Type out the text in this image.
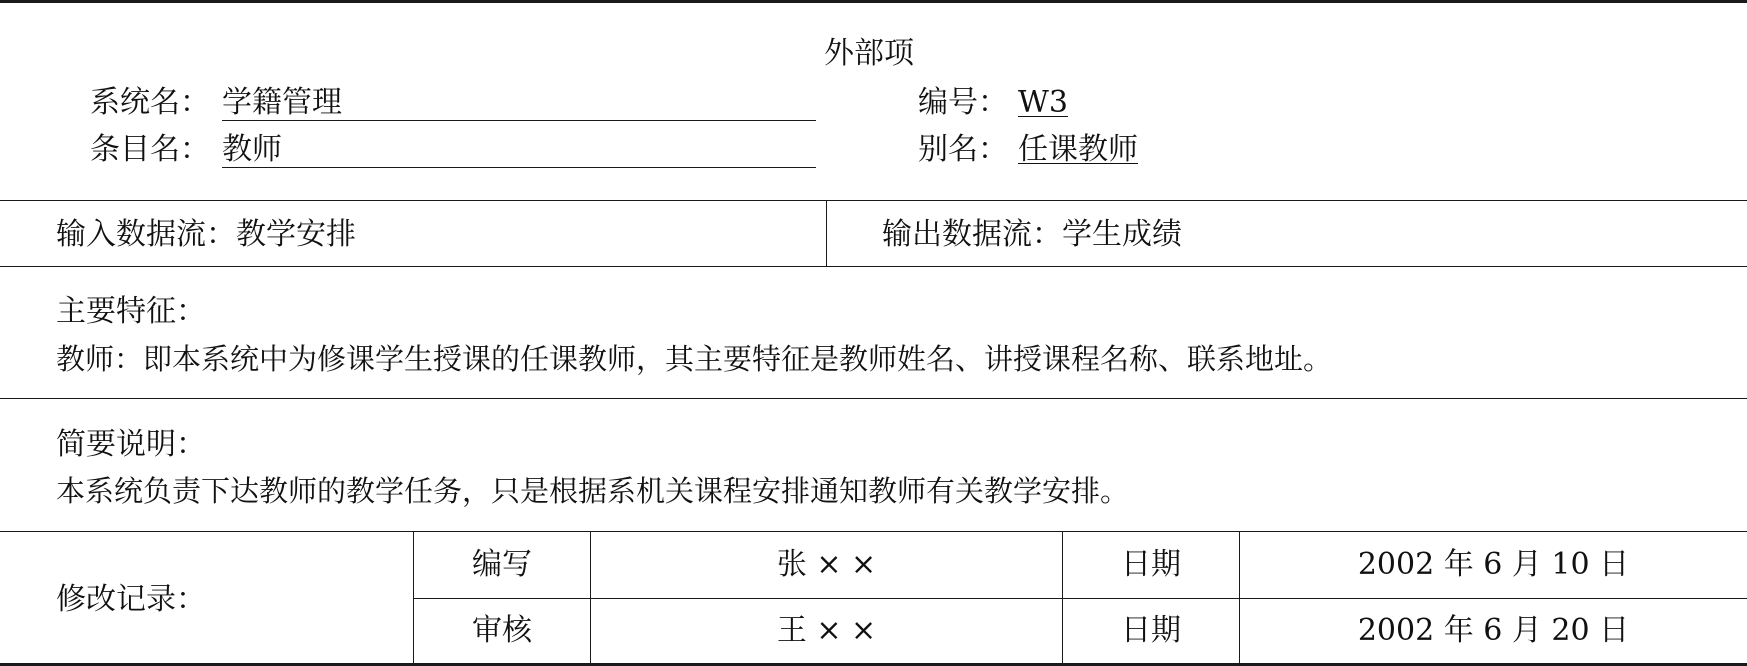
外部项
系统名： 学籍管理	编号： W3
条目名： 教师	别名： 任课教师
输入数据流：教学安排	输出数据流：学生成绩
主要特征：
教师：即本系统中为修课学生授课的任课教师，其主要特征是教师姓名、讲授课程名称、联系地址。
简要说明：
本系统负责下达教师的教学任务，只是根据系机关课程安排通知教师有关教学安排。
修改记录：
编写	张 × ×	日期	2002 年 6 月 10 日
审核	王 × ×	日期	2002 年 6 月 20 日
